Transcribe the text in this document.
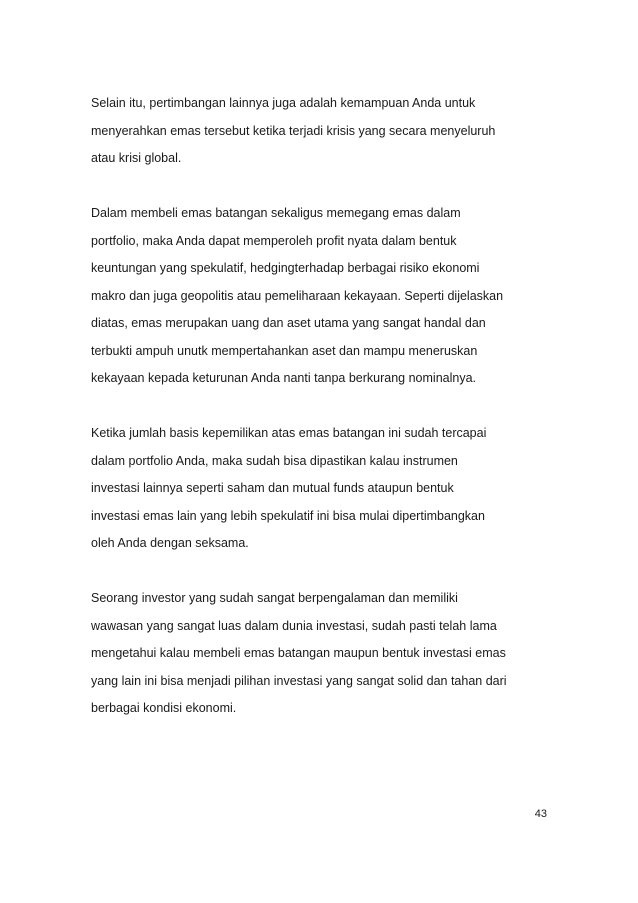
Selain itu, pertimbangan lainnya juga adalah kemampuan Anda untuk
menyerahkan emas tersebut ketika terjadi krisis yang secara menyeluruh
atau krisi global.

Dalam membeli emas batangan sekaligus memegang emas dalam
portfolio, maka Anda dapat memperoleh profit nyata dalam bentuk
keuntungan yang spekulatif, hedgingterhadap berbagai risiko ekonomi
makro dan juga geopolitis atau pemeliharaan kekayaan. Seperti dijelaskan
diatas, emas merupakan uang dan aset utama yang sangat handal dan
terbukti ampuh unutk mempertahankan aset dan mampu meneruskan
kekayaan kepada keturunan Anda nanti tanpa berkurang nominalnya.

Ketika jumlah basis kepemilikan atas emas batangan ini sudah tercapai
dalam portfolio Anda, maka sudah bisa dipastikan kalau instrumen
investasi lainnya seperti saham dan mutual funds ataupun bentuk
investasi emas lain yang lebih spekulatif ini bisa mulai dipertimbangkan
oleh Anda dengan seksama.

Seorang investor yang sudah sangat berpengalaman dan memiliki
wawasan yang sangat luas dalam dunia investasi, sudah pasti telah lama
mengetahui kalau membeli emas batangan maupun bentuk investasi emas
yang lain ini bisa menjadi pilihan investasi yang sangat solid dan tahan dari
berbagai kondisi ekonomi.

43
